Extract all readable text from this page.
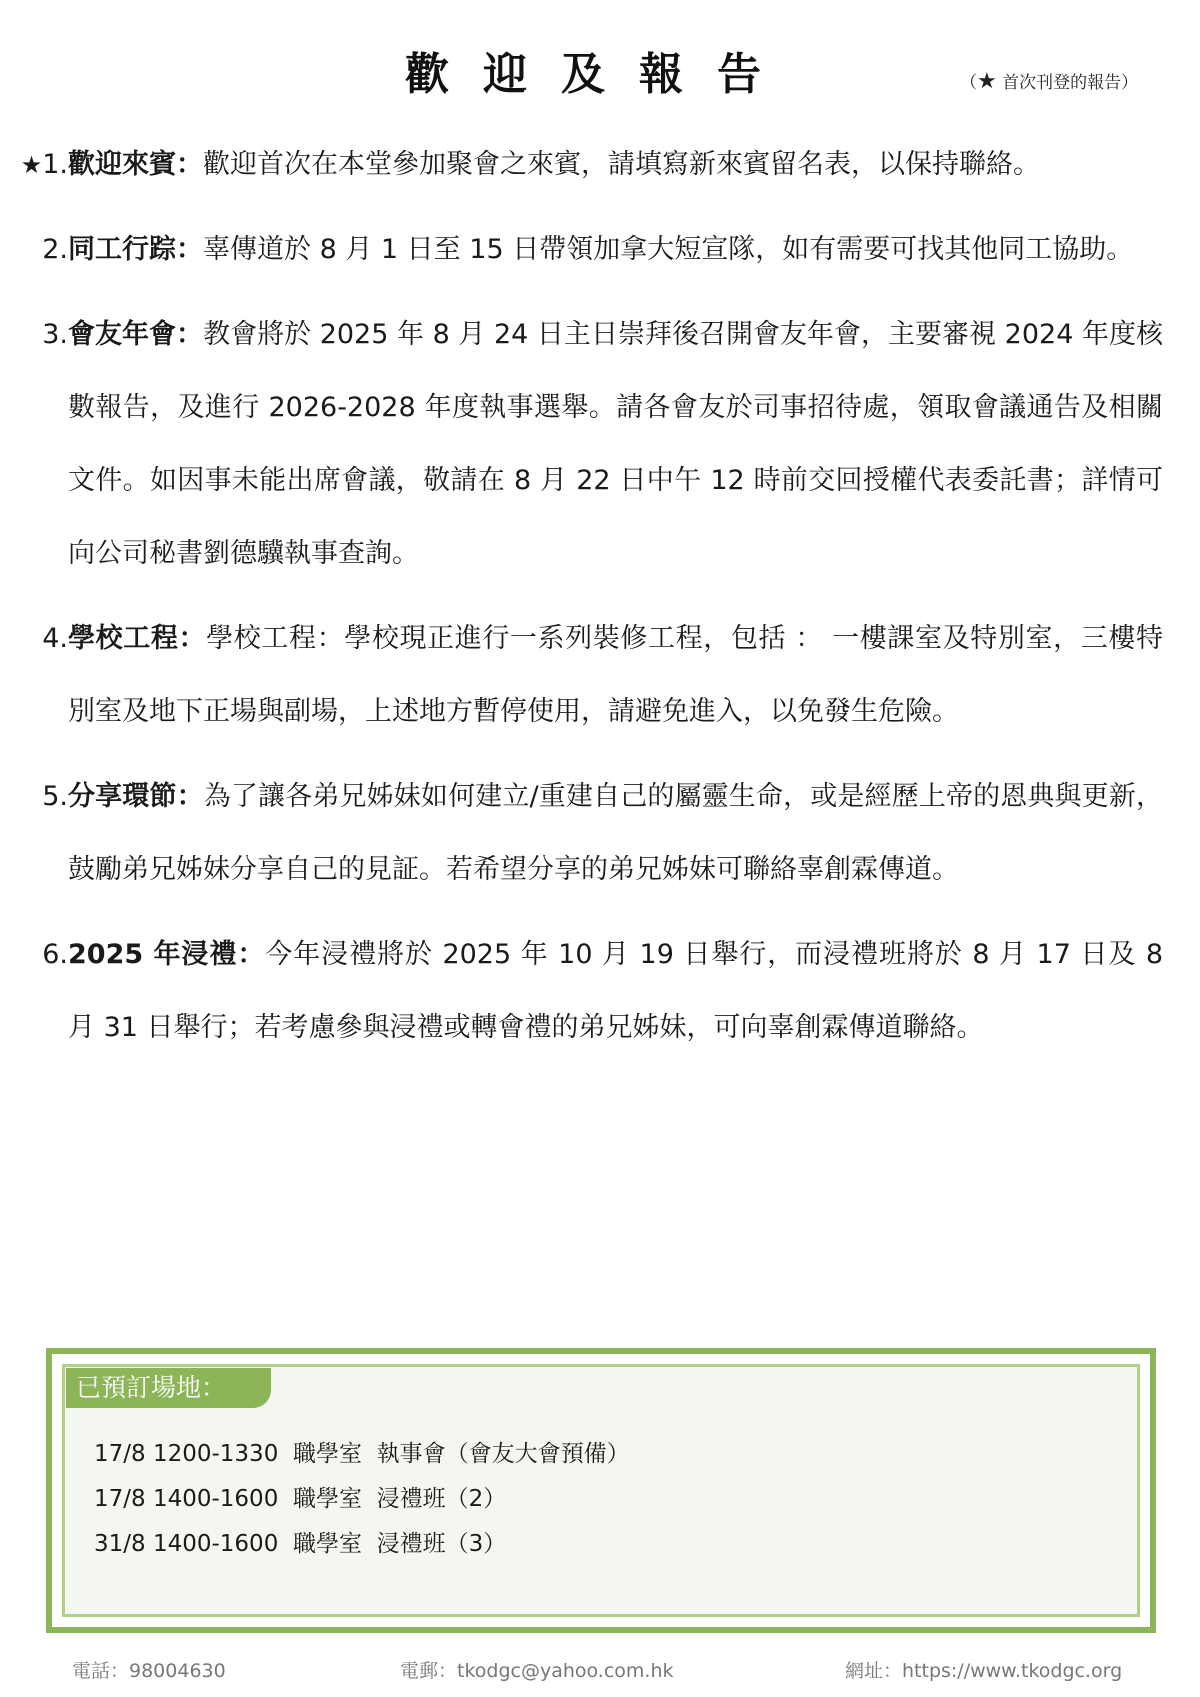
歡迎及報告	（★ 首次刊登的報告）
★1. 歡迎來賓：歡迎首次在本堂參加聚會之來賓，請填寫新來賓留名表，以保持聯絡。
2. 同工行踪：辜傳道於 8 月 1 日至 15 日帶領加拿大短宣隊，如有需要可找其他同工協助。
3. 會友年會：教會將於 2025 年 8 月 24 日主日崇拜後召開會友年會，主要審視 2024 年度核數報告，及進行 2026-2028 年度執事選舉。請各會友於司事招待處，領取會議通告及相關文件。如因事未能出席會議，敬請在 8 月 22 日中午 12 時前交回授權代表委託書；詳情可向公司秘書劉德驥執事查詢。
4. 學校工程：學校工程：學校現正進行一系列裝修工程，包括 ： 一樓課室及特別室，三樓特別室及地下正場與副場，上述地方暫停使用，請避免進入，以免發生危險。
5. 分享環節：為了讓各弟兄姊妹如何建立/重建自己的屬靈生命，或是經歷上帝的恩典與更新，鼓勵弟兄姊妹分享自己的見証。若希望分享的弟兄姊妹可聯絡辜創霖傳道。
6. 2025 年浸禮：今年浸禮將於 2025 年 10 月 19 日舉行，而浸禮班將於 8 月 17 日及 8 月 31 日舉行；若考慮參與浸禮或轉會禮的弟兄姊妹，可向辜創霖傳道聯絡。
已預訂場地：
17/8 1200-1330  職學室  執事會（會友大會預備）
17/8 1400-1600  職學室  浸禮班（2）
31/8 1400-1600  職學室  浸禮班（3）
電話：98004630	電郵：tkodgc@yahoo.com.hk	網址：https://www.tkodgc.org
